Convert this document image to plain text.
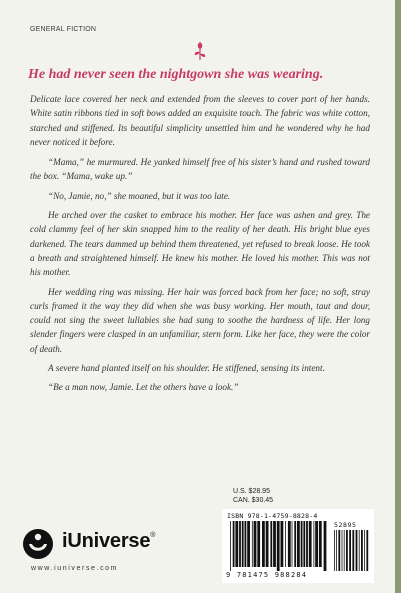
GENERAL FICTION
He had never seen the nightgown she was wearing.

Delicate lace covered her neck and extended from the sleeves to cover part of her hands. White satin ribbons tied in soft bows added an exquisite touch. The fabric was white cotton, starched and stiffened. Its beautiful simplicity unsettled him and he wondered why he had never noticed it before.

“Mama,” he murmured. He yanked himself free of his sister’s hand and rushed toward the box. “Mama, wake up.”

“No, Jamie, no,” she moaned, but it was too late.

He arched over the casket to embrace his mother. Her face was ashen and grey. The cold clammy feel of her skin snapped him to the reality of her death. His bright blue eyes darkened. The tears dammed up behind them threatened, yet refused to break loose. He took a breath and straightened himself. He knew his mother. He loved his mother. This was not his mother.

Her wedding ring was missing. Her hair was forced back from her face; no soft, stray curls framed it the way they did when she was busy working. Her mouth, taut and dour, could not sing the sweet lullabies she had sung to soothe the hardness of life. Her long slender fingers were clasped in an unfamiliar, stern form. Like her face, they were the color of death.

A severe hand planted itself on his shoulder. He stiffened, sensing its intent.

“Be a man now, Jamie. Let the others have a look.”

U.S. $28.95
CAN. $30.45
ISBN 978-1-4759-8828-4
52895
9 781475 988284
iUniverse®
www.iuniverse.com
